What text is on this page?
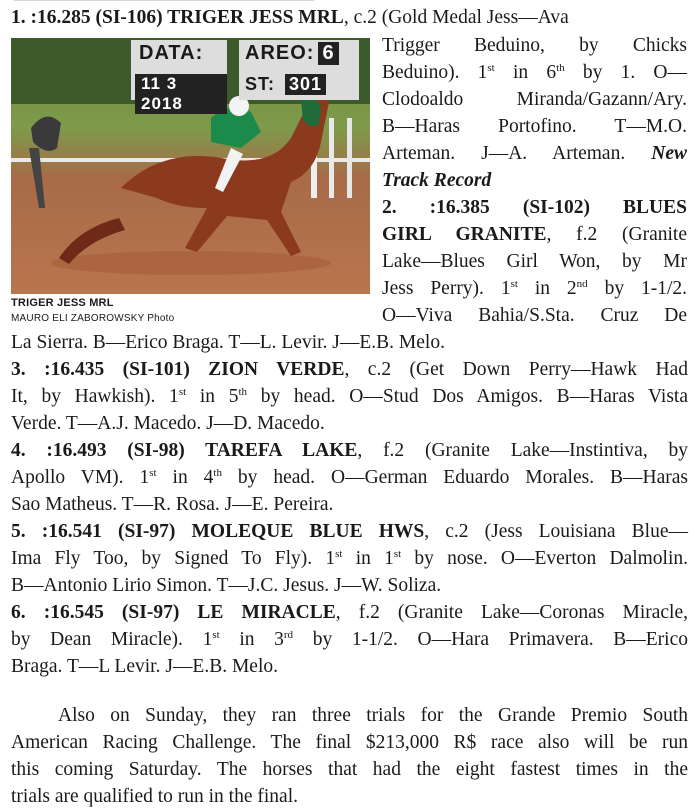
1. :16.285 (SI-106) TRIGER JESS MRL, c.2 (Gold Medal Jess—Ava
DATA:
11 3 2018
AREO: 6
ST: 301
TRIGER JESS MRL
MAURO ELI ZABOROWSKY Photo
Trigger Beduino, by Chicks
Beduino). 1st in 6th by 1. O—
Clodoaldo Miranda/Gazann/Ary.
B—Haras Portofino. T—M.O.
Arteman. J—A. Arteman. New
Track Record
2. :16.385 (SI-102) BLUES
GIRL GRANITE, f.2 (Granite
Lake—Blues Girl Won, by Mr
Jess Perry). 1st in 2nd by 1-1/2.
O—Viva Bahia/S.Sta. Cruz De
La Sierra. B—Erico Braga. T—L. Levir. J—E.B. Melo.
3. :16.435 (SI-101) ZION VERDE, c.2 (Get Down Perry—Hawk Had
It, by Hawkish). 1st in 5th by head. O—Stud Dos Amigos. B—Haras Vista
Verde. T—A.J. Macedo. J—D. Macedo.
4. :16.493 (SI-98) TAREFA LAKE, f.2 (Granite Lake—Instintiva, by
Apollo VM). 1st in 4th by head. O—German Eduardo Morales. B—Haras
Sao Matheus. T—R. Rosa. J—E. Pereira.
5. :16.541 (SI-97) MOLEQUE BLUE HWS, c.2 (Jess Louisiana Blue—
Ima Fly Too, by Signed To Fly). 1st in 1st by nose. O—Everton Dalmolin.
B—Antonio Lirio Simon. T—J.C. Jesus. J—W. Soliza.
6. :16.545 (SI-97) LE MIRACLE, f.2 (Granite Lake—Coronas Miracle,
by Dean Miracle). 1st in 3rd by 1-1/2. O—Hara Primavera. B—Erico
Braga. T—L Levir. J—E.B. Melo.
Also on Sunday, they ran three trials for the Grande Premio South
American Racing Challenge. The final $213,000 R$ race also will be run
this coming Saturday. The horses that had the eight fastest times in the
trials are qualified to run in the final.
